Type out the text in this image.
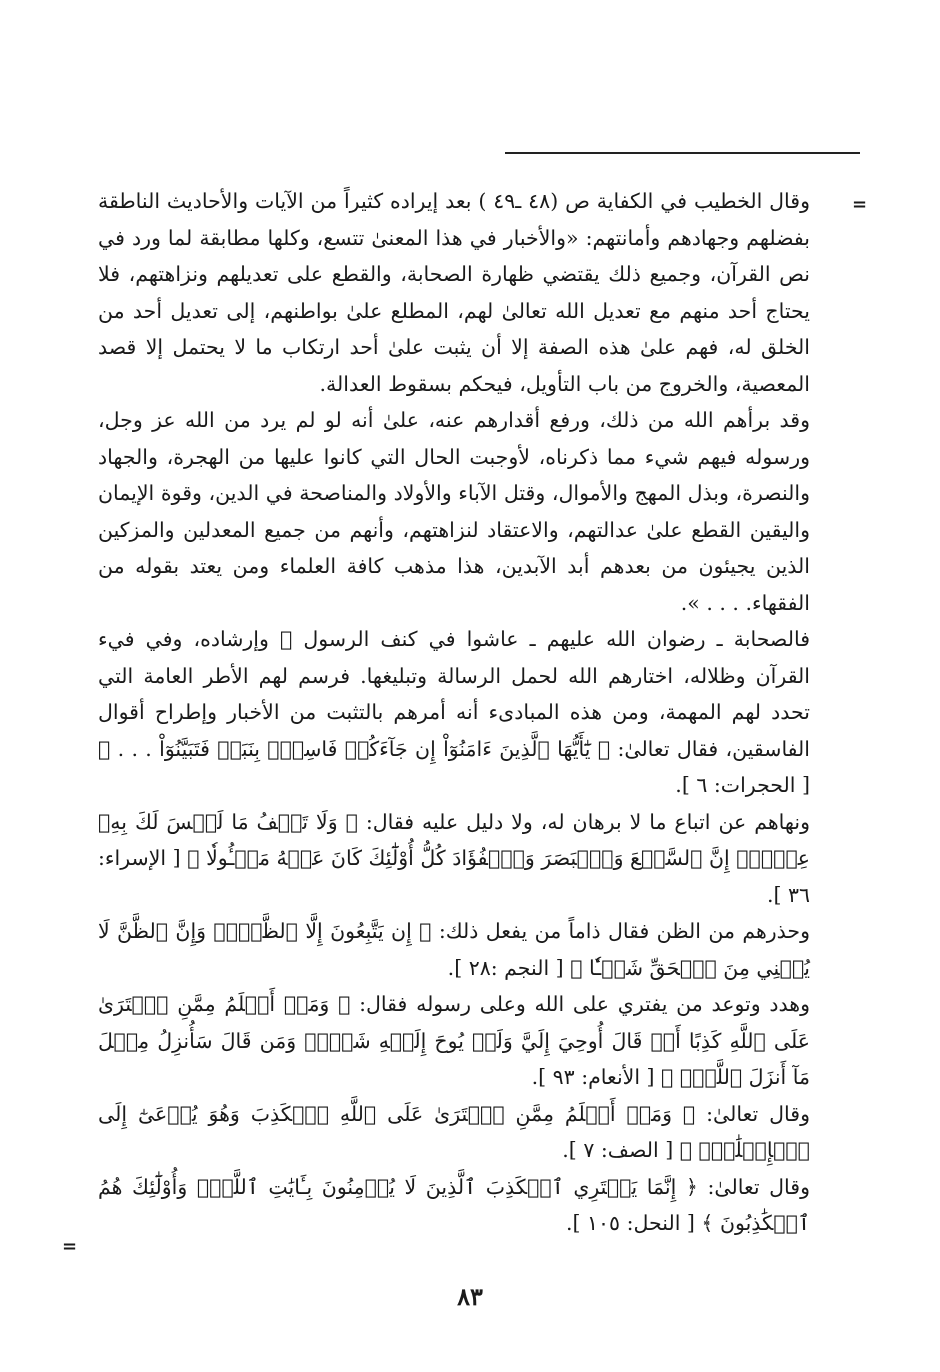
=

وقال الخطيب في الكفاية ص (٤٨ ـ٤٩ ) بعد إيراده كثيراً من الآيات والأحاديث الناطقة بفضلهم وجهادهم وأمانتهم: «والأخبار في هذا المعنىٰ تتسع، وكلها مطابقة لما ورد في نص القرآن، وجميع ذلك يقتضي ظهارة الصحابة، والقطع على تعديلهم ونزاهتهم، فلا يحتاج أحد منهم مع تعديل الله تعالىٰ لهم، المطلع علىٰ بواطنهم، إلى تعديل أحد من الخلق له، فهم علىٰ هذه الصفة إلا أن يثبت علىٰ أحد ارتكاب ما لا يحتمل إلا قصد المعصية، والخروج من باب التأويل، فيحكم بسقوط العدالة.

وقد برأهم الله من ذلك، ورفع أقدارهم عنه، علىٰ أنه لو لم يرد من الله عز وجل، ورسوله فيهم شيء مما ذكرناه، لأوجبت الحال التي كانوا عليها من الهجرة، والجهاد والنصرة، وبذل المهج والأموال، وقتل الآباء والأولاد والمناصحة في الدين، وقوة الإيمان واليقين القطع علىٰ عدالتهم، والاعتقاد لنزاهتهم، وأنهم من جميع المعدلين والمزكين الذين يجيئون من بعدهم أبد الآبدين، هذا مذهب كافة العلماء ومن يعتد بقوله من الفقهاء. . . . ».

فالصحابة ـ رضوان الله عليهم ـ عاشوا في كنف الرسول ﷺ وإرشاده، وفي فيء القرآن وظلاله، اختارهم الله لحمل الرسالة وتبليغها. فرسم لهم الأطر العامة التي تحدد لهم المهمة، ومن هذه المبادىء أنه أمرهم بالتثبت من الأخبار وإطراح أقوال الفاسقين، فقال تعالىٰ: ﴿ يَٰٓأَيُّهَا ٱلَّذِينَ ءَامَنُوٓاْ إِن جَآءَكُمۡ فَاسِقُۢ بِنَبَإٖ فَتَبَيَّنُوٓاْ . . . ﴾ [ الحجرات: ٦ ].

ونهاهم عن اتباع ما لا برهان له، ولا دليل عليه فقال: ﴿ وَلَا تَقۡفُ مَا لَيۡسَ لَكَ بِهِۦ عِلۡمٌۚ إِنَّ ٱلسَّمۡعَ وَٱلۡبَصَرَ وَٱلۡفُؤَادَ كُلُّ أُوْلَٰٓئِكَ كَانَ عَنۡهُ مَسۡـُٔولٗا ﴾ [ الإسراء: ٣٦ ].

وحذرهم من الظن فقال ذاماً من يفعل ذلك: ﴿ إِن يَتَّبِعُونَ إِلَّا ٱلظَّنَّۖ وَإِنَّ ٱلظَّنَّ لَا يُغۡنِي مِنَ ٱلۡحَقِّ شَيۡـٔٗا ﴾ [ النجم :٢٨ ].

وهدد وتوعد من يفتري على الله وعلى رسوله فقال: ﴿ وَمَنۡ أَظۡلَمُ مِمَّنِ ٱفۡتَرَىٰ عَلَى ٱللَّهِ كَذِبًا أَوۡ قَالَ أُوحِيَ إِلَيَّ وَلَمۡ يُوحَ إِلَيۡهِ شَيۡءٞ وَمَن قَالَ سَأُنزِلُ مِثۡلَ مَآ أَنزَلَ ٱللَّهُۗ ﴾ [ الأنعام: ٩٣ ].

وقال تعالىٰ: ﴿ وَمَنۡ أَظۡلَمُ مِمَّنِ ٱفۡتَرَىٰ عَلَى ٱللَّهِ ٱلۡكَذِبَ وَهُوَ يُدۡعَىٰٓ إِلَى ٱلۡإِسۡلَٰمِۚ ﴾ [ الصف: ٧ ].

وقال تعالىٰ: ﴿ إِنَّمَا يَفۡتَرِي ٱلۡكَذِبَ ٱلَّذِينَ لَا يُؤۡمِنُونَ بِـَٔايَٰتِ ٱللَّهِۖ وَأُوْلَٰٓئِكَ هُمُ ٱلۡكَٰذِبُونَ ﴾ [ النحل: ١٠٥ ].

=
٨٣
